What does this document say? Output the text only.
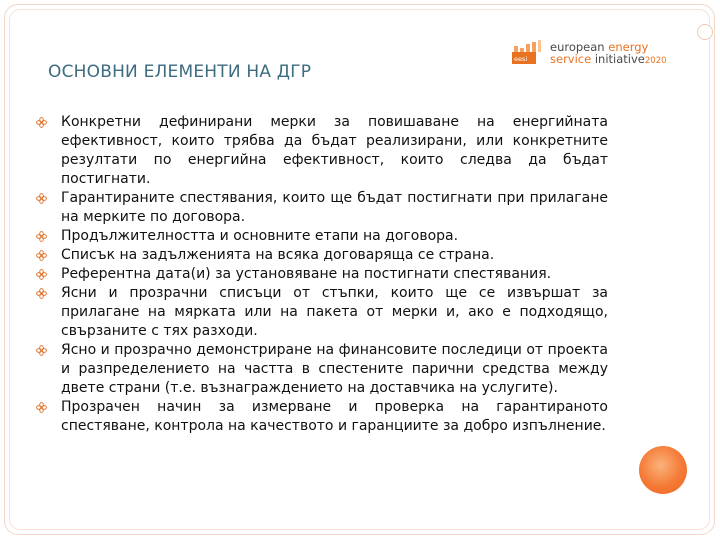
ОСНОВНИ ЕЛЕМЕНТИ НА ДГР
eesi
european energy
service initiative2020
Конкретни дефинирани мерки за повишаване на енергийната ефективност, които трябва да бъдат реализирани, или конкретните резултати по енергийна ефективност, които следва да бъдат постигнати.
Гарантираните спестявания, които ще бъдат постигнати при прилагане на мерките по договора.
Продължителността и основните етапи на договора.
Списък на задълженията на всяка договаряща се страна.
Референтна дата(и) за установяване на постигнати спестявания.
Ясни и прозрачни списъци от стъпки, които ще се извършат за прилагане на мярката или на пакета от мерки и, ако е подходящо, свързаните с тях разходи.
Ясно и прозрачно демонстриране на финансовите последици от проекта и разпределението на частта в спестените парични средства между двете страни (т.е. възнаграждението на доставчика на услугите).
Прозрачен начин за измерване и проверка на гарантираното спестяване, контрола на качеството и гаранциите за добро изпълнение.
